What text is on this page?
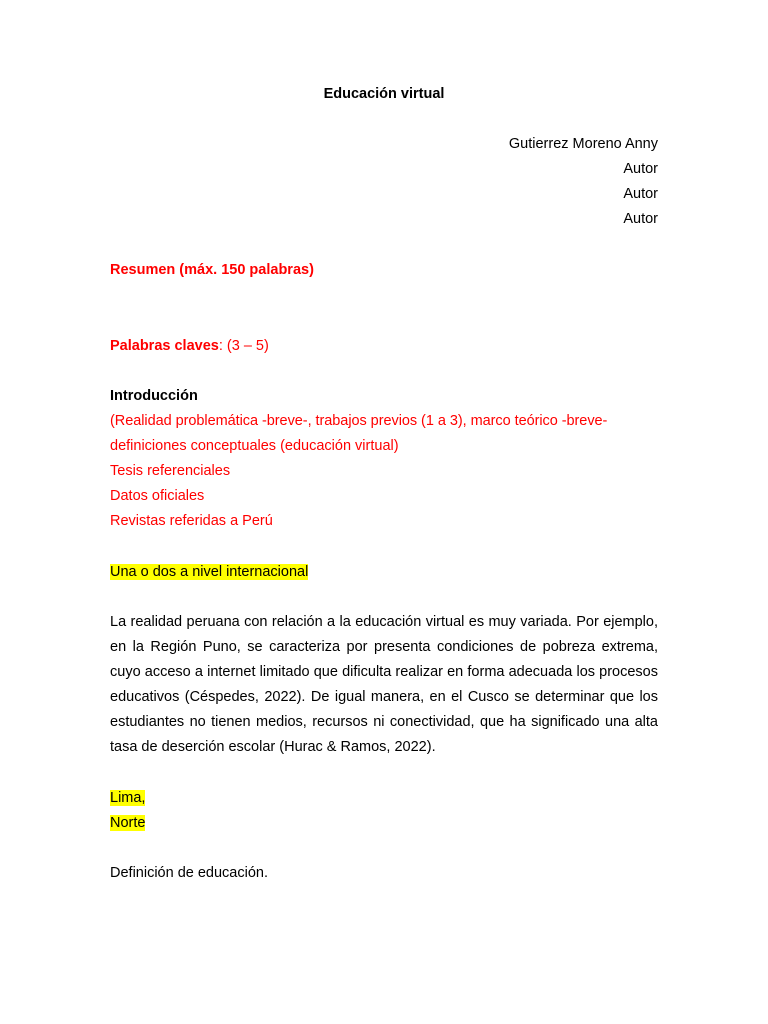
Educación virtual
Gutierrez Moreno Anny
Autor
Autor
Autor
Resumen (máx. 150 palabras)
Palabras claves: (3 – 5)
Introducción
(Realidad problemática -breve-, trabajos previos (1 a 3), marco teórico -breve-
definiciones conceptuales (educación virtual)
Tesis referenciales
Datos oficiales
Revistas referidas a Perú
Una o dos a nivel internacional
La realidad peruana con relación a la educación virtual es muy variada. Por ejemplo, en la Región Puno, se caracteriza por presenta condiciones de pobreza extrema, cuyo acceso a internet limitado que dificulta realizar en forma adecuada los procesos educativos (Céspedes, 2022). De igual manera, en el Cusco se determinar que los estudiantes no tienen medios, recursos ni conectividad, que ha significado una alta tasa de deserción escolar (Hurac & Ramos, 2022).
Lima,
Norte
Definición de educación.
